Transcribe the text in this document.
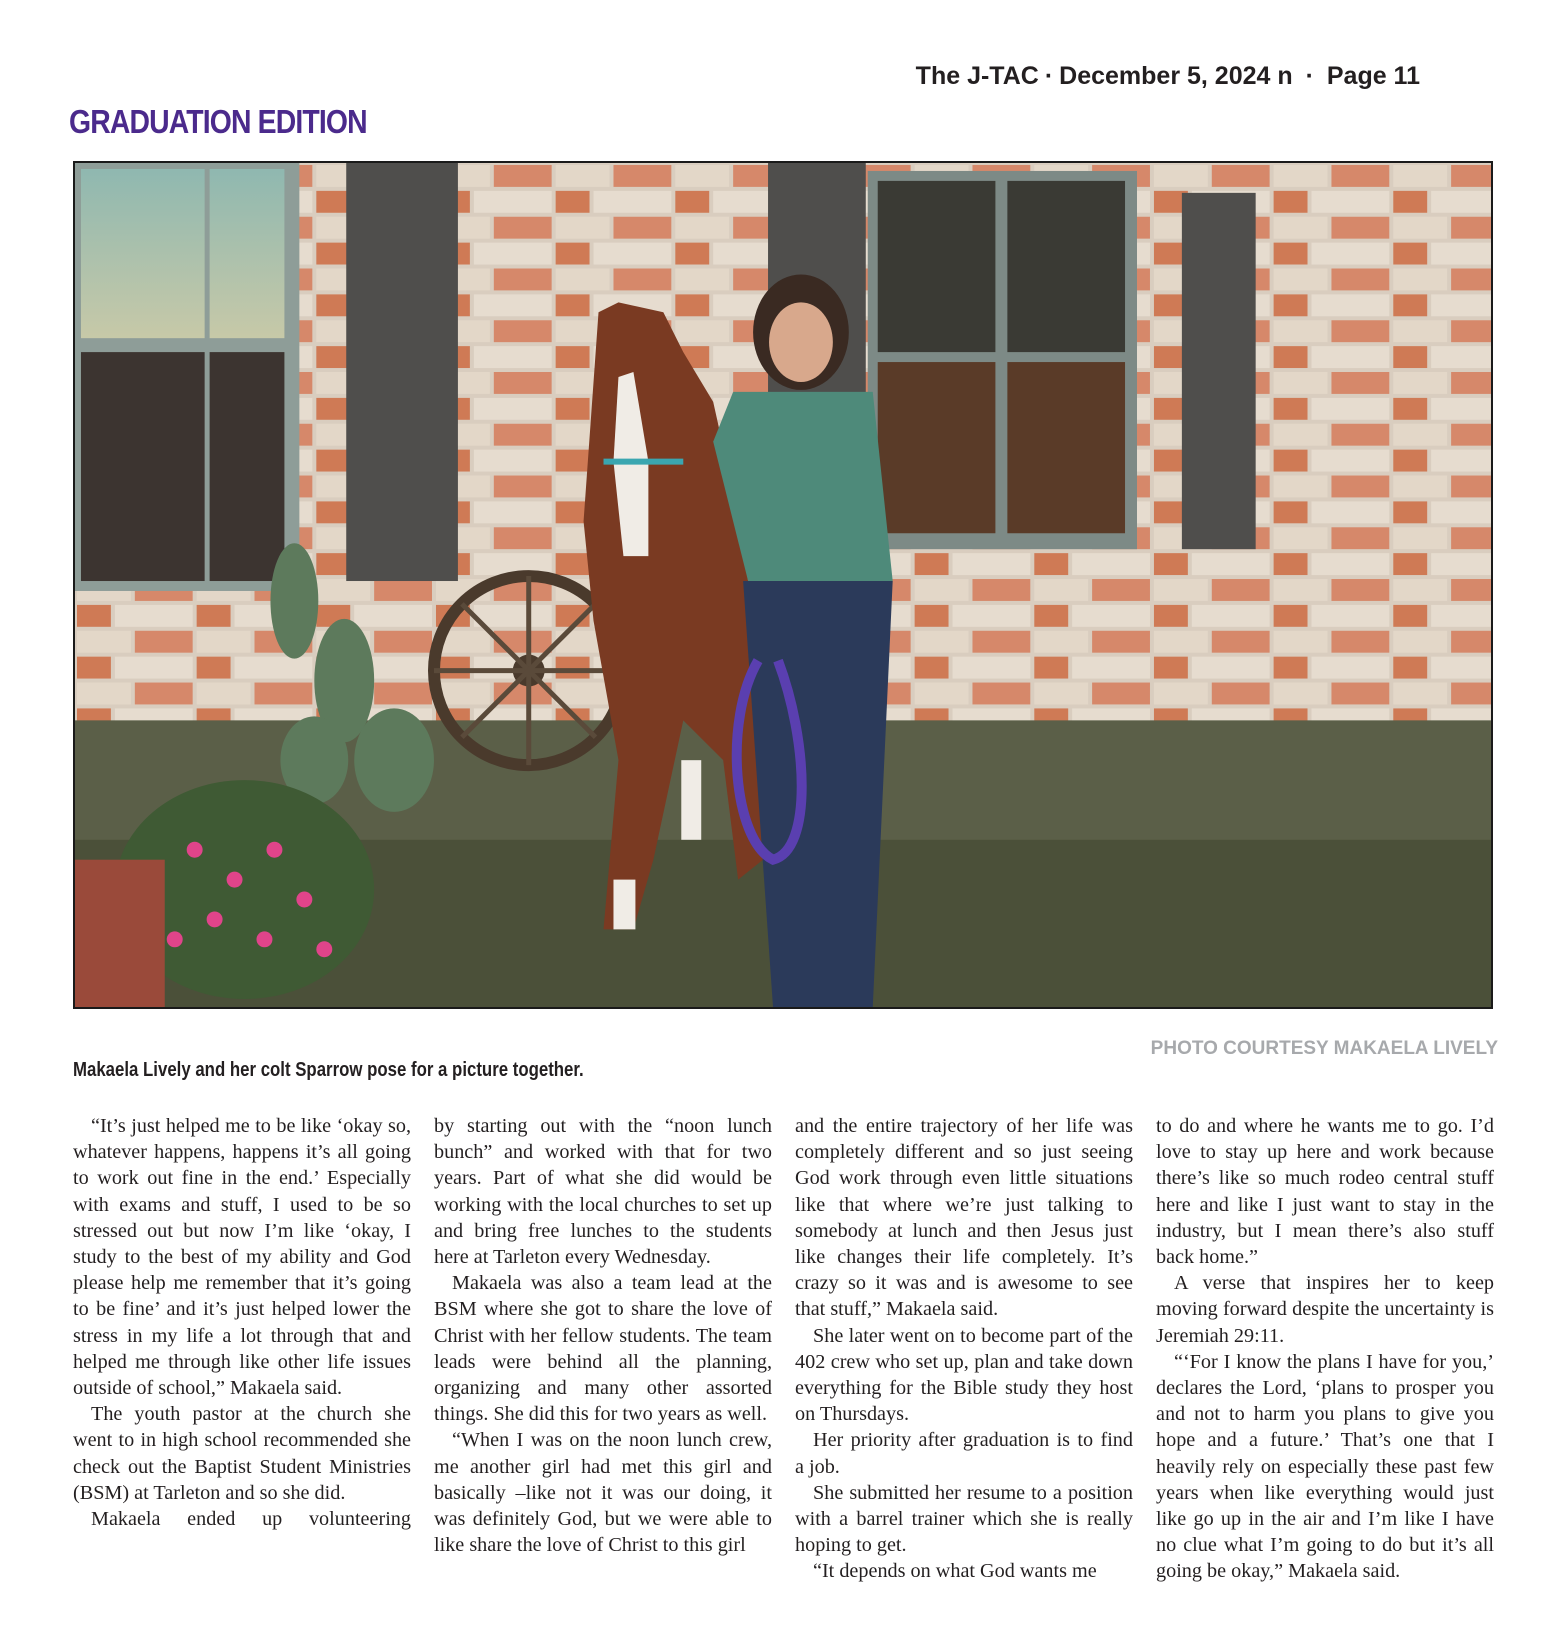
The J-TAC · December 5, 2024 n · Page 11
GRADUATION EDITION
PHOTO COURTESY MAKAELA LIVELY
Makaela Lively and her colt Sparrow pose for a picture together.

“It’s just helped me to be like ‘okay so, whatever happens, happens it’s all going to work out fine in the end.’ Especially with exams and stuff, I used to be so stressed out but now I’m like ‘okay, I study to the best of my ability and God please help me remember that it’s going to be fine’ and it’s just helped lower the stress in my life a lot through that and helped me through like other life issues outside of school,” Makaela said.

The youth pastor at the church she went to in high school recommended she check out the Baptist Student Ministries (BSM) at Tarleton and so she did.

Makaela ended up volunteering

by starting out with the “noon lunch bunch” and worked with that for two years. Part of what she did would be working with the local churches to set up and bring free lunches to the students here at Tarleton every Wednesday.

Makaela was also a team lead at the BSM where she got to share the love of Christ with her fellow students. The team leads were behind all the planning, organizing and many other assorted things. She did this for two years as well.

“When I was on the noon lunch crew, me another girl had met this girl and basically –like not it was our doing, it was definitely God, but we were able to like share the love of Christ to this girl

and the entire trajectory of her life was completely different and so just seeing God work through even little situations like that where we’re just talking to somebody at lunch and then Jesus just like changes their life completely. It’s crazy so it was and is awesome to see that stuff,” Makaela said.

She later went on to become part of the 402 crew who set up, plan and take down everything for the Bible study they host on Thursdays.

Her priority after graduation is to find a job.

She submitted her resume to a position with a barrel trainer which she is really hoping to get.

“It depends on what God wants me

to do and where he wants me to go. I’d love to stay up here and work because there’s like so much rodeo central stuff here and like I just want to stay in the industry, but I mean there’s also stuff back home.”

A verse that inspires her to keep moving forward despite the uncertainty is Jeremiah 29:11.

“‘For I know the plans I have for you,’ declares the Lord, ‘plans to prosper you and not to harm you plans to give you hope and a future.’ That’s one that I heavily rely on especially these past few years when like everything would just like go up in the air and I’m like I have no clue what I’m going to do but it’s all going be okay,” Makaela said.
